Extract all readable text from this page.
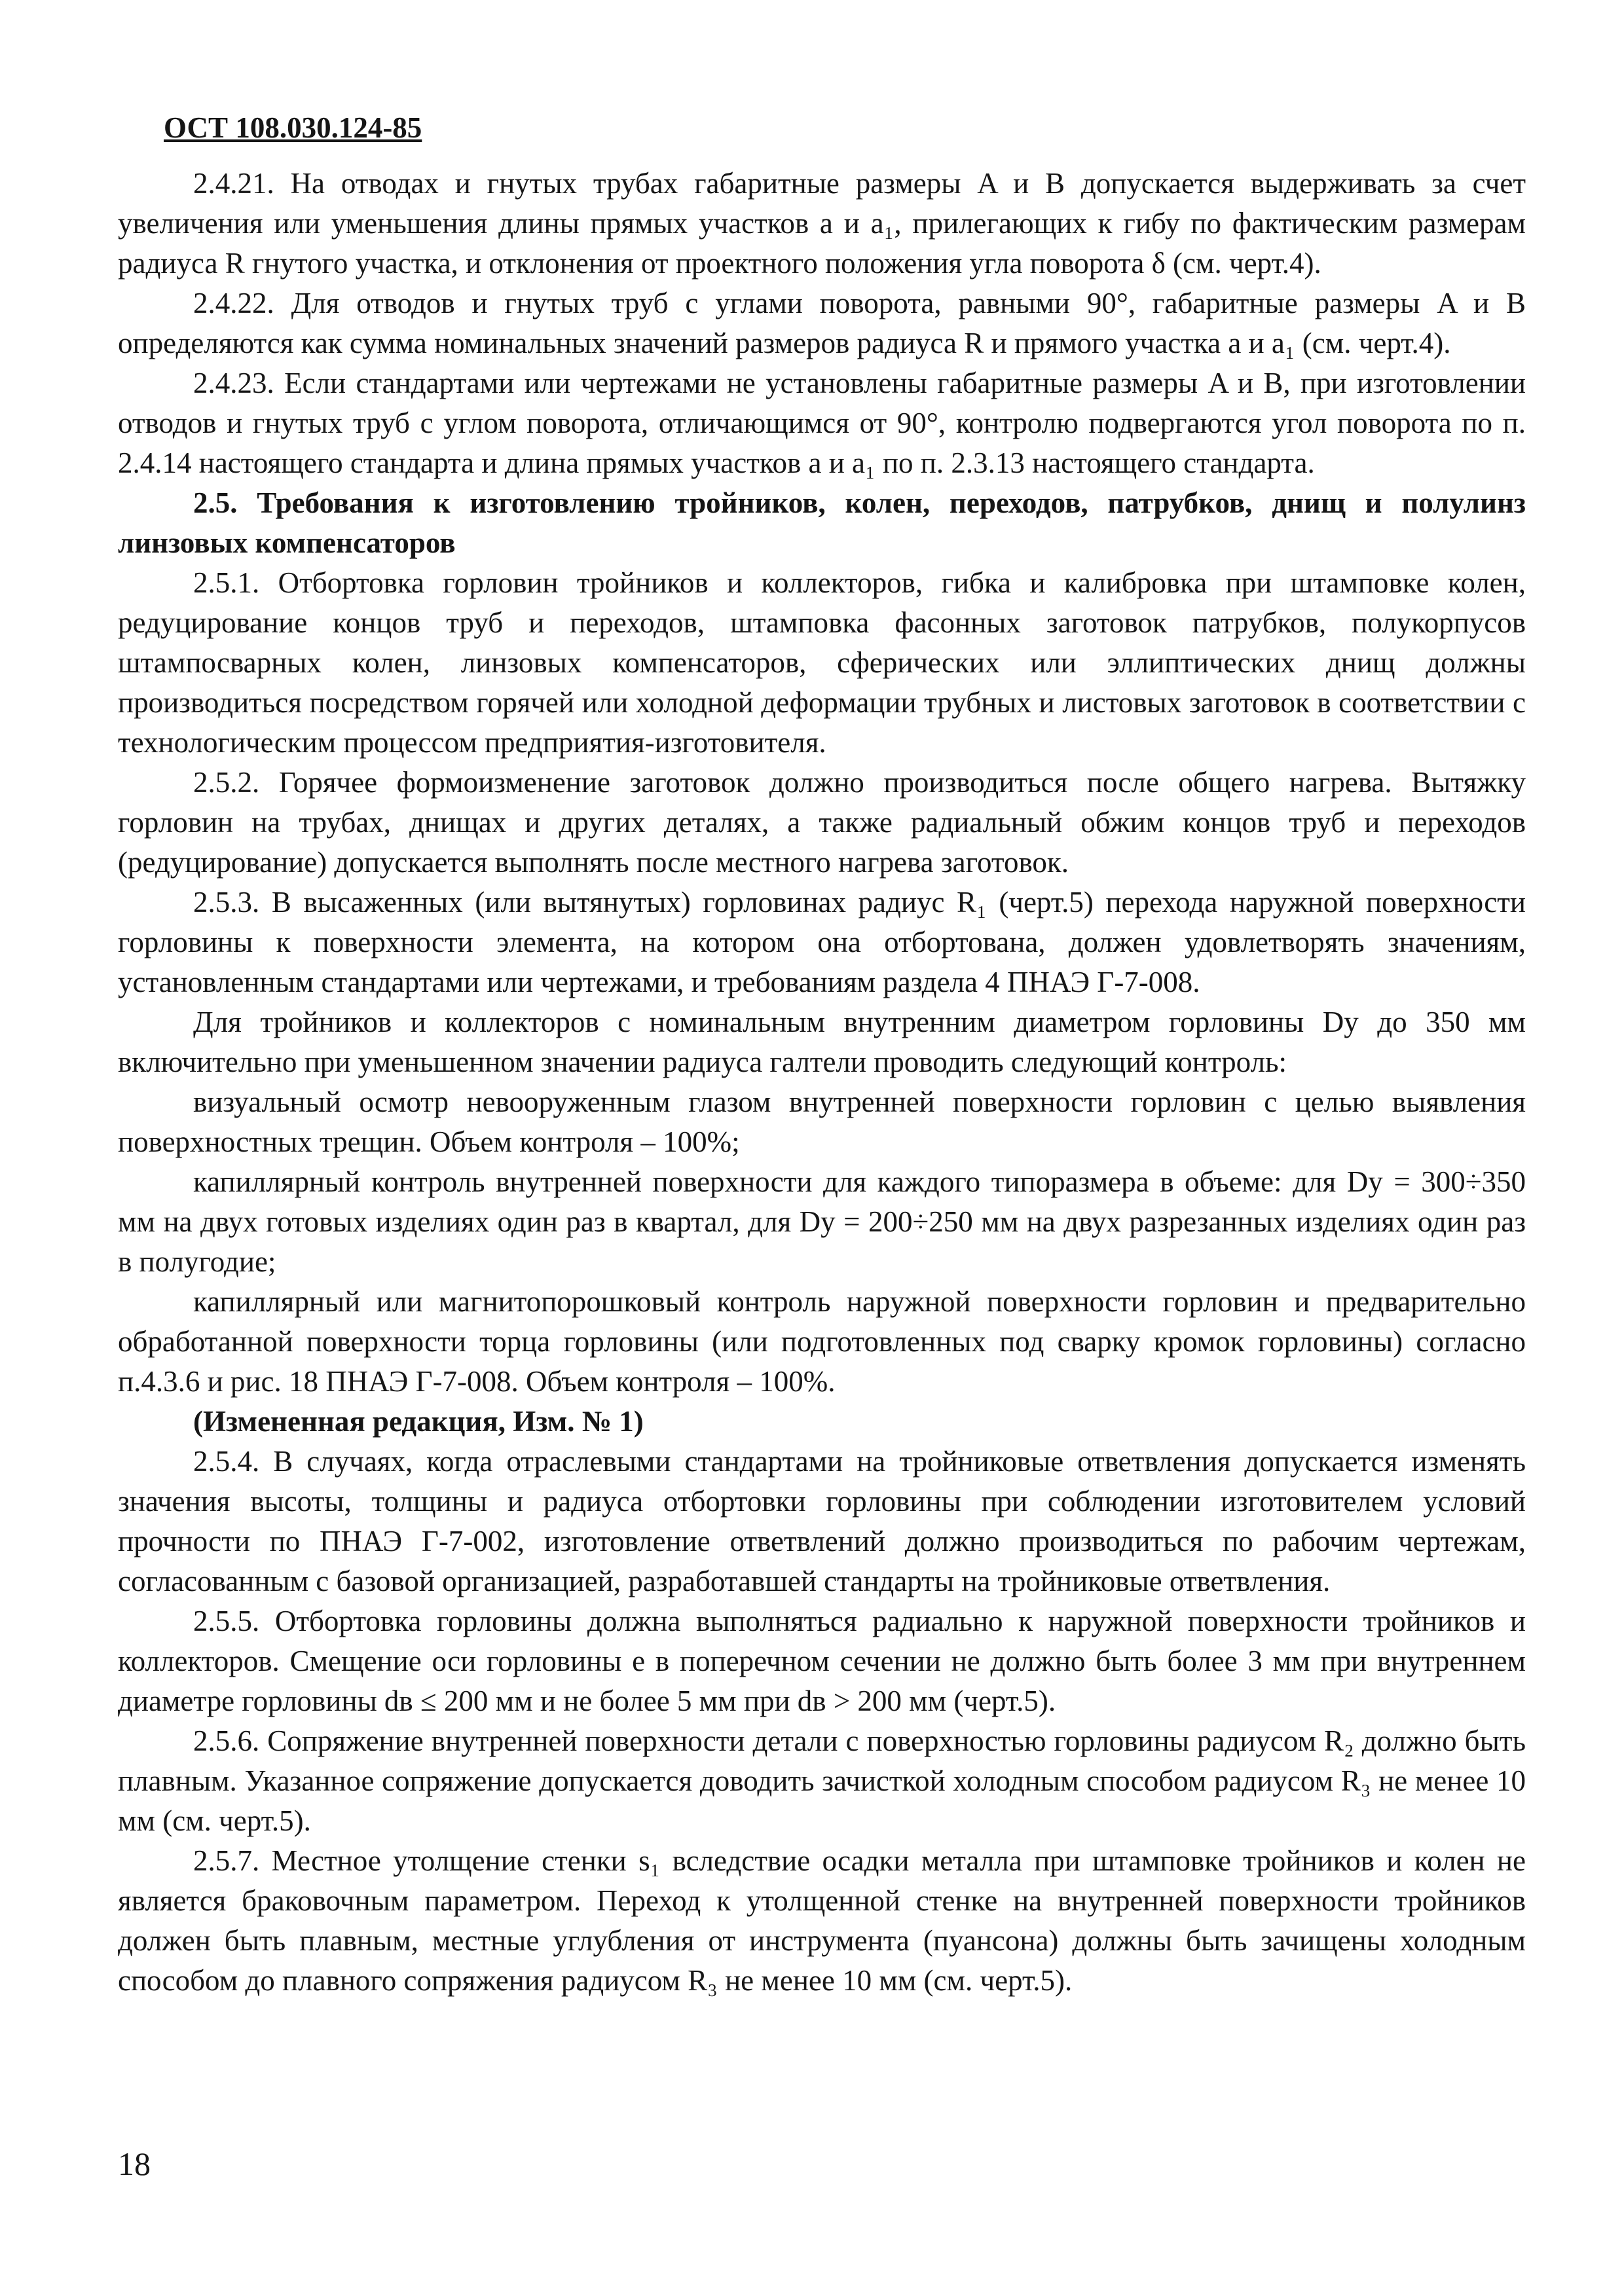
ОСТ 108.030.124-85

2.4.21. На отводах и гнутых трубах габаритные размеры A и B допускается выдерживать за счет увеличения или уменьшения длины прямых участков a и a₁, прилегающих к гибу по фактическим размерам радиуса R гнутого участка, и отклонения от проектного положения угла поворота δ (см. черт.4).

2.4.22. Для отводов и гнутых труб с углами поворота, равными 90°, габаритные размеры A и B определяются как сумма номинальных значений размеров радиуса R и прямого участка a и a₁ (см. черт.4).

2.4.23. Если стандартами или чертежами не установлены габаритные размеры A и B, при изготовлении отводов и гнутых труб с углом поворота, отличающимся от 90°, контролю подвергаются угол поворота по п. 2.4.14 настоящего стандарта и длина прямых участков a и a₁ по п. 2.3.13 настоящего стандарта.

2.5. Требования к изготовлению тройников, колен, переходов, патрубков, днищ и полулинз линзовых компенсаторов

2.5.1. Отбортовка горловин тройников и коллекторов, гибка и калибровка при штамповке колен, редуцирование концов труб и переходов, штамповка фасонных заготовок патрубков, полукорпусов штампосварных колен, линзовых компенсаторов, сферических или эллиптических днищ должны производиться посредством горячей или холодной деформации трубных и листовых заготовок в соответствии с технологическим процессом предприятия-изготовителя.

2.5.2. Горячее формоизменение заготовок должно производиться после общего нагрева. Вытяжку горловин на трубах, днищах и других деталях, а также радиальный обжим концов труб и переходов (редуцирование) допускается выполнять после местного нагрева заготовок.

2.5.3. В высаженных (или вытянутых) горловинах радиус R₁ (черт.5) перехода наружной поверхности горловины к поверхности элемента, на котором она отбортована, должен удовлетворять значениям, установленным стандартами или чертежами, и требованиям раздела 4 ПНАЭ Г-7-008.

Для тройников и коллекторов с номинальным внутренним диаметром горловины Dу до 350 мм включительно при уменьшенном значении радиуса галтели проводить следующий контроль:

визуальный осмотр невооруженным глазом внутренней поверхности горловин с целью выявления поверхностных трещин. Объем контроля – 100%;

капиллярный контроль внутренней поверхности для каждого типоразмера в объеме: для Dу = 300÷350 мм на двух готовых изделиях один раз в квартал, для Dу = 200÷250 мм на двух разрезанных изделиях один раз в полугодие;

капиллярный или магнитопорошковый контроль наружной поверхности горловин и предварительно обработанной поверхности торца горловины (или подготовленных под сварку кромок горловины) согласно п.4.3.6 и рис. 18 ПНАЭ Г-7-008. Объем контроля – 100%.

(Измененная редакция, Изм. № 1)

2.5.4. В случаях, когда отраслевыми стандартами на тройниковые ответвления допускается изменять значения высоты, толщины и радиуса отбортовки горловины при соблюдении изготовителем условий прочности по ПНАЭ Г-7-002, изготовление ответвлений должно производиться по рабочим чертежам, согласованным с базовой организацией, разработавшей стандарты на тройниковые ответвления.

2.5.5. Отбортовка горловины должна выполняться радиально к наружной поверхности тройников и коллекторов. Смещение оси горловины e в поперечном сечении не должно быть более 3 мм при внутреннем диаметре горловины dв ≤ 200 мм и не более 5 мм при dв > 200 мм (черт.5).

2.5.6. Сопряжение внутренней поверхности детали с поверхностью горловины радиусом R₂ должно быть плавным. Указанное сопряжение допускается доводить зачисткой холодным способом радиусом R₃ не менее 10 мм (см. черт.5).

2.5.7. Местное утолщение стенки s₁ вследствие осадки металла при штамповке тройников и колен не является браковочным параметром. Переход к утолщенной стенке на внутренней поверхности тройников должен быть плавным, местные углубления от инструмента (пуансона) должны быть зачищены холодным способом до плавного сопряжения радиусом R₃ не менее 10 мм (см. черт.5).

18
